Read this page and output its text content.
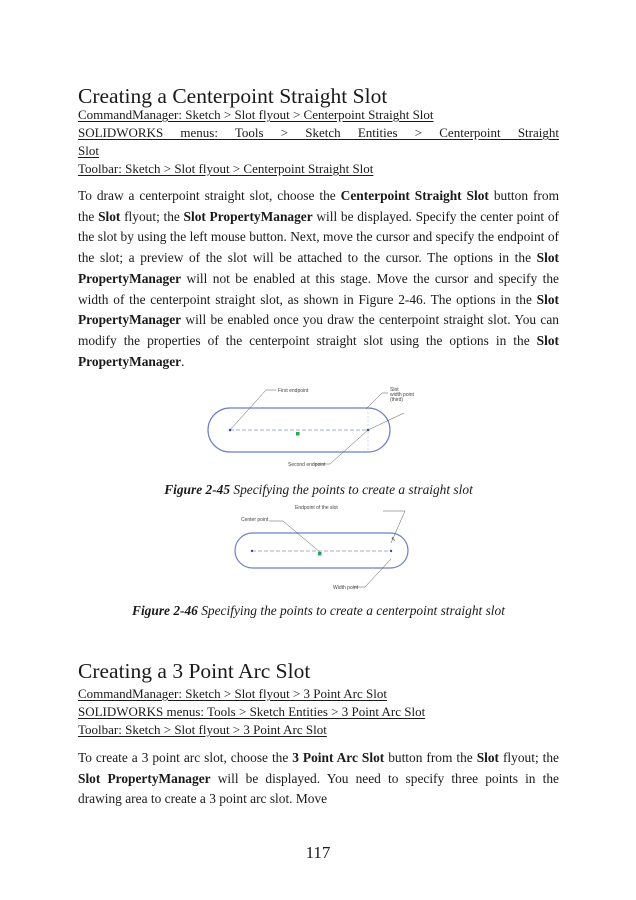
Creating a Centerpoint Straight Slot
CommandManager: Sketch > Slot flyout > Centerpoint Straight Slot
SOLIDWORKS menus: Tools > Sketch Entities > Centerpoint Straight
Slot
Toolbar: Sketch > Slot flyout > Centerpoint Straight Slot

To draw a centerpoint straight slot, choose the Centerpoint Straight Slot button from the Slot flyout; the Slot PropertyManager will be displayed. Specify the center point of the slot by using the left mouse button. Next, move the cursor and specify the endpoint of the slot; a preview of the slot will be attached to the cursor. The options in the Slot PropertyManager will not be enabled at this stage. Move the cursor and specify the width of the centerpoint straight slot, as shown in Figure 2-46. The options in the Slot PropertyManager will be enabled once you draw the centerpoint straight slot. You can modify the properties of the centerpoint straight slot using the options in the Slot PropertyManager.

First endpoint	Slot
width point
(third)
Second endpoint
Figure 2-45 Specifying the points to create a straight slot
Center point
Endpoint of the slot
↖
Width point
Figure 2-46 Specifying the points to create a centerpoint straight slot
Creating a 3 Point Arc Slot
CommandManager: Sketch > Slot flyout > 3 Point Arc Slot
SOLIDWORKS menus: Tools > Sketch Entities > 3 Point Arc Slot
Toolbar: Sketch > Slot flyout > 3 Point Arc Slot

To create a 3 point arc slot, choose the 3 Point Arc Slot button from the Slot flyout; the Slot PropertyManager will be displayed. You need to specify three points in the drawing area to create a 3 point arc slot. Move

117
